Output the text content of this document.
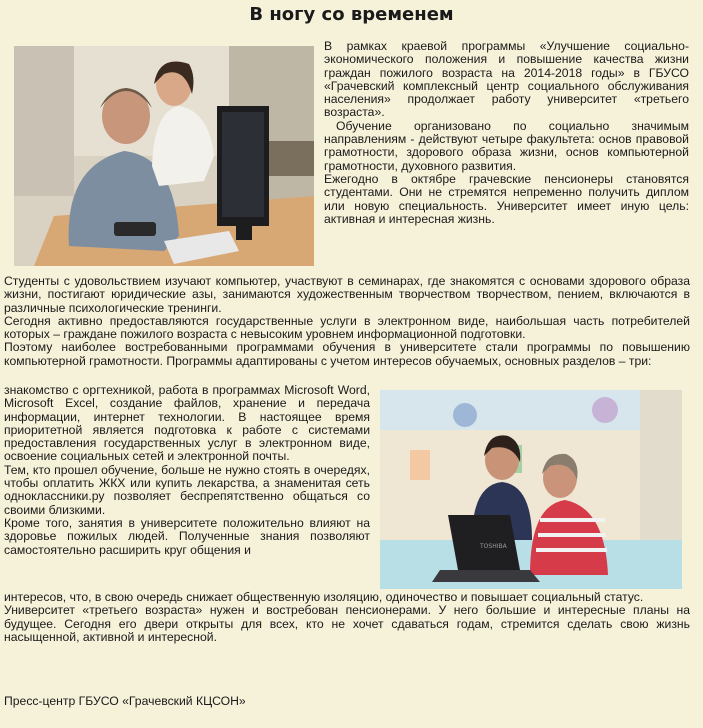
В ногу со временем

В рамках краевой программы «Улучшение социально-экономического положения и повышение качества жизни граждан пожилого возраста на 2014-2018 годы» в ГБУСО «Грачевский комплексный центр социального обслуживания населения» продолжает работу университет «третьего возраста».

Обучение организовано по социально значимым направлениям - действуют четыре факультета: основ правовой грамотности, здорового образа жизни, основ компьютерной грамотности, духовного развития.

Ежегодно в октябре грачевские пенсионеры становятся студентами. Они не стремятся непременно получить диплом или новую специальность. Университет имеет иную цель: активная и интересная жизнь.

Студенты с удовольствием изучают компьютер, участвуют в семинарах, где знакомятся с основами здорового образа жизни, постигают юридические азы, занимаются художественным творчеством творчеством, пением, включаются в различные психологические тренинги.

Сегодня активно предоставляются государственные услуги в электронном виде, наибольшая часть потребителей которых – граждане пожилого возраста с невысоким уровнем информационной подготовки.

Поэтому наиболее востребованными программами обучения в университете стали программы по повышению компьютерной грамотности. Программы адаптированы с учетом интересов обучаемых, основных разделов – три:

знакомство с оргтехникой, работа в программах Microsoft Word, Microsoft Excel, создание файлов, хранение и передача информации, интернет технологии. В настоящее время приоритетной является подготовка к работе с системами предоставления государственных услуг в электронном виде, освоение социальных сетей и электронной почты.

Тем, кто прошел обучение, больше не нужно стоять в очередях, чтобы оплатить ЖКХ или купить лекарства, а знаменитая сеть одноклассники.ру позволяет беспрепятственно общаться со своими близкими.

Кроме того, занятия в университете положительно влияют на здоровье пожилых людей. Полученные знания позволяют самостоятельно расширить круг общения и	TOSHIBA

интересов, что, в свою очередь снижает общественную изоляцию, одиночество и повышает социальный статус.

Университет «третьего возраста» нужен и востребован пенсионерами. У него большие и интересные планы на будущее. Сегодня его двери открыты для всех, кто не хочет сдаваться годам, стремится сделать свою жизнь насыщенной, активной и интересной.

Пресс-центр ГБУСО «Грачевский КЦСОН»
